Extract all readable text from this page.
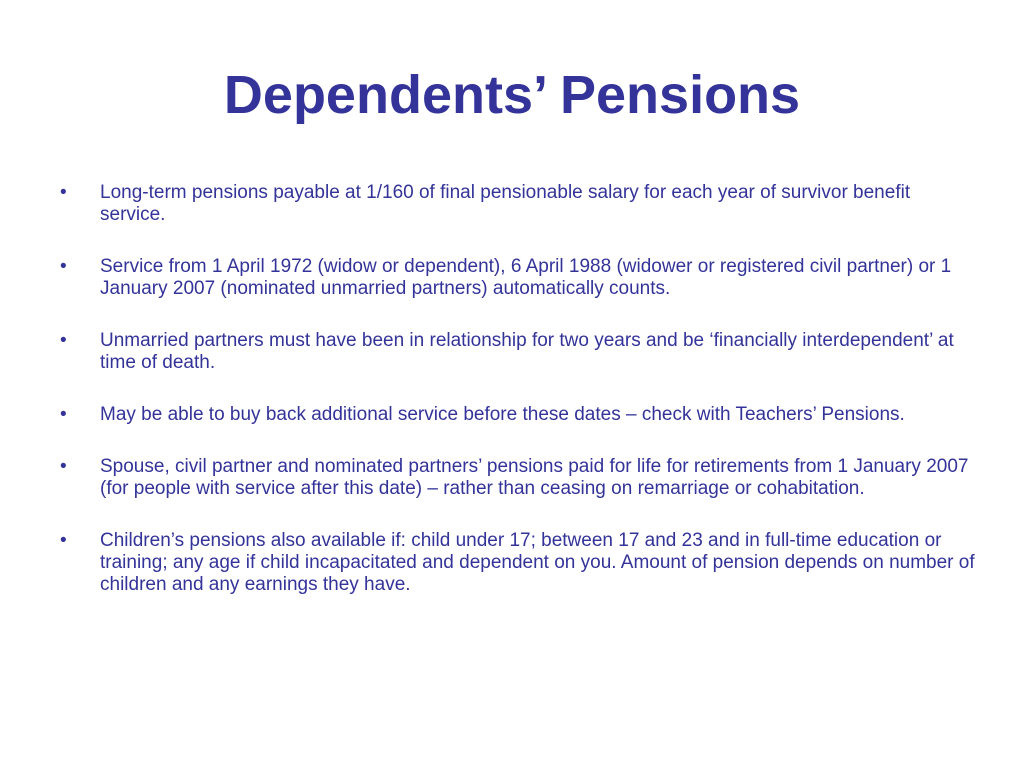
Dependents’ Pensions
•	Long-term pensions payable at 1/160 of final pensionable salary for each year of survivor benefit service.
•	Service from 1 April 1972 (widow or dependent), 6 April 1988 (widower or registered civil partner) or 1 January 2007 (nominated unmarried partners) automatically counts.
•	Unmarried partners must have been in relationship for two years and be ‘financially interdependent’ at time of death.
•	May be able to buy back additional service before these dates – check with Teachers’ Pensions.
•	Spouse, civil partner and nominated partners’ pensions paid for life for retirements from 1 January 2007 (for people with service after this date) – rather than ceasing on remarriage or cohabitation.
•	Children’s pensions also available if: child under 17; between 17 and 23 and in full-time education or training; any age if child incapacitated and dependent on you. Amount of pension depends on number of children and any earnings they have.
